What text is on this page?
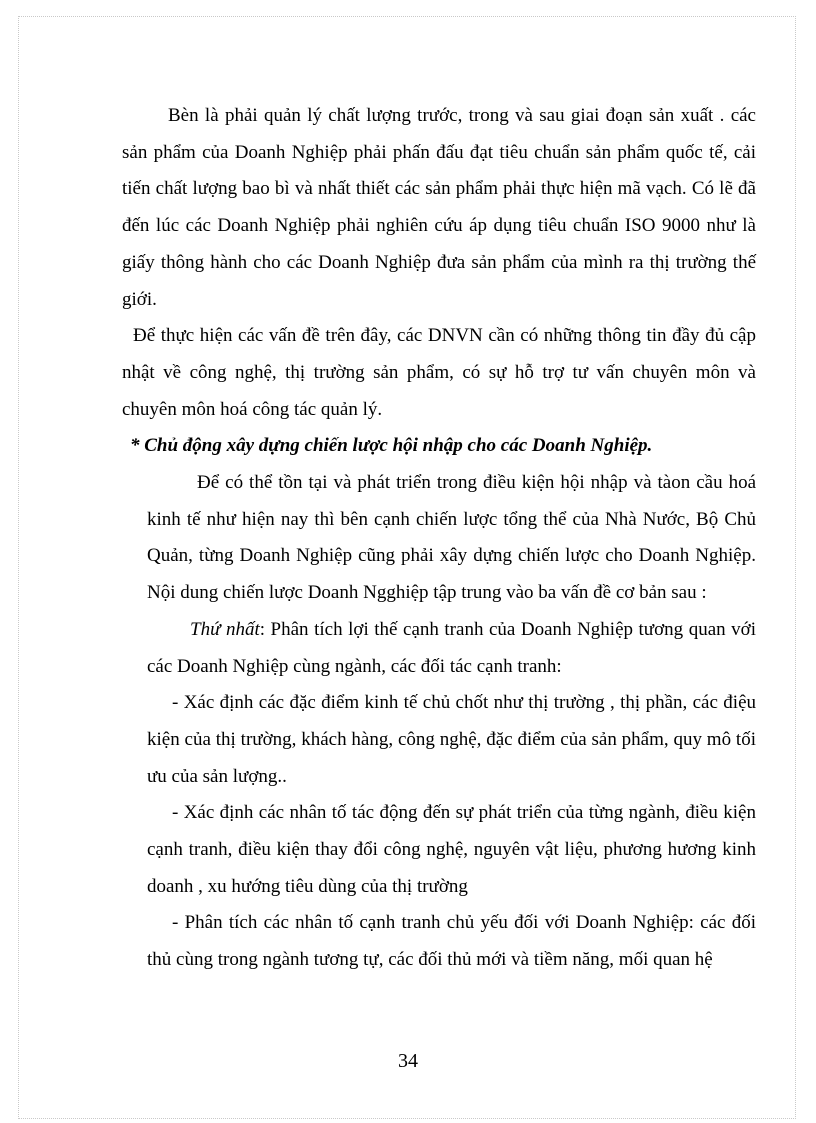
Bèn là phải quản lý chất lượng trước, trong và sau giai đoạn sản xuất . các sản phẩm của Doanh Nghiệp phải phấn đấu đạt tiêu chuẩn sản phẩm quốc tế, cải tiến chất lượng bao bì và nhất thiết các sản phẩm phải thực hiện mã vạch. Có lẽ đã đến lúc các Doanh Nghiệp phải nghiên cứu áp dụng tiêu chuẩn ISO 9000 như là giấy thông hành cho các Doanh Nghiệp đưa sản phẩm của mình ra thị trường thế giới.

Để thực hiện các vấn đề trên đây, các DNVN cần có những thông tin đầy đủ cập nhật về công nghệ, thị trường sản phẩm, có sự hỗ trợ tư vấn chuyên môn và chuyên môn hoá công tác quản lý.

* Chủ động xây dựng chiến lược hội nhập cho các Doanh Nghiệp.

Để có thể tồn tại và phát triển trong điều kiện hội nhập và tàon cầu hoá kinh tế như hiện nay thì bên cạnh chiến lược tổng thể của Nhà Nước, Bộ Chủ Quản, từng Doanh Nghiệp cũng phải xây dựng chiến lược cho Doanh Nghiệp. Nội dung chiến lược Doanh Ngghiệp tập trung vào ba vấn đề cơ bản sau :

Thứ nhất: Phân tích lợi thế cạnh tranh của Doanh Nghiệp tương quan với các Doanh Nghiệp cùng ngành, các đối tác cạnh tranh:

- Xác định các đặc điểm kinh tế chủ chốt như thị trường , thị phần, các điệu kiện của thị trường, khách hàng, công nghệ, đặc điểm của sản phẩm, quy mô tối ưu của sản lượng..

- Xác định các nhân tố tác động đến sự phát triển của từng ngành, điều kiện cạnh tranh, điều kiện thay đổi công nghệ, nguyên vật liệu, phương hương kinh doanh , xu hướng tiêu dùng của thị trường

- Phân tích các nhân tố cạnh tranh chủ yếu đối với Doanh Nghiệp: các đối thủ cùng trong ngành tương tự, các đối thủ mới và tiềm năng, mối quan hệ

34
